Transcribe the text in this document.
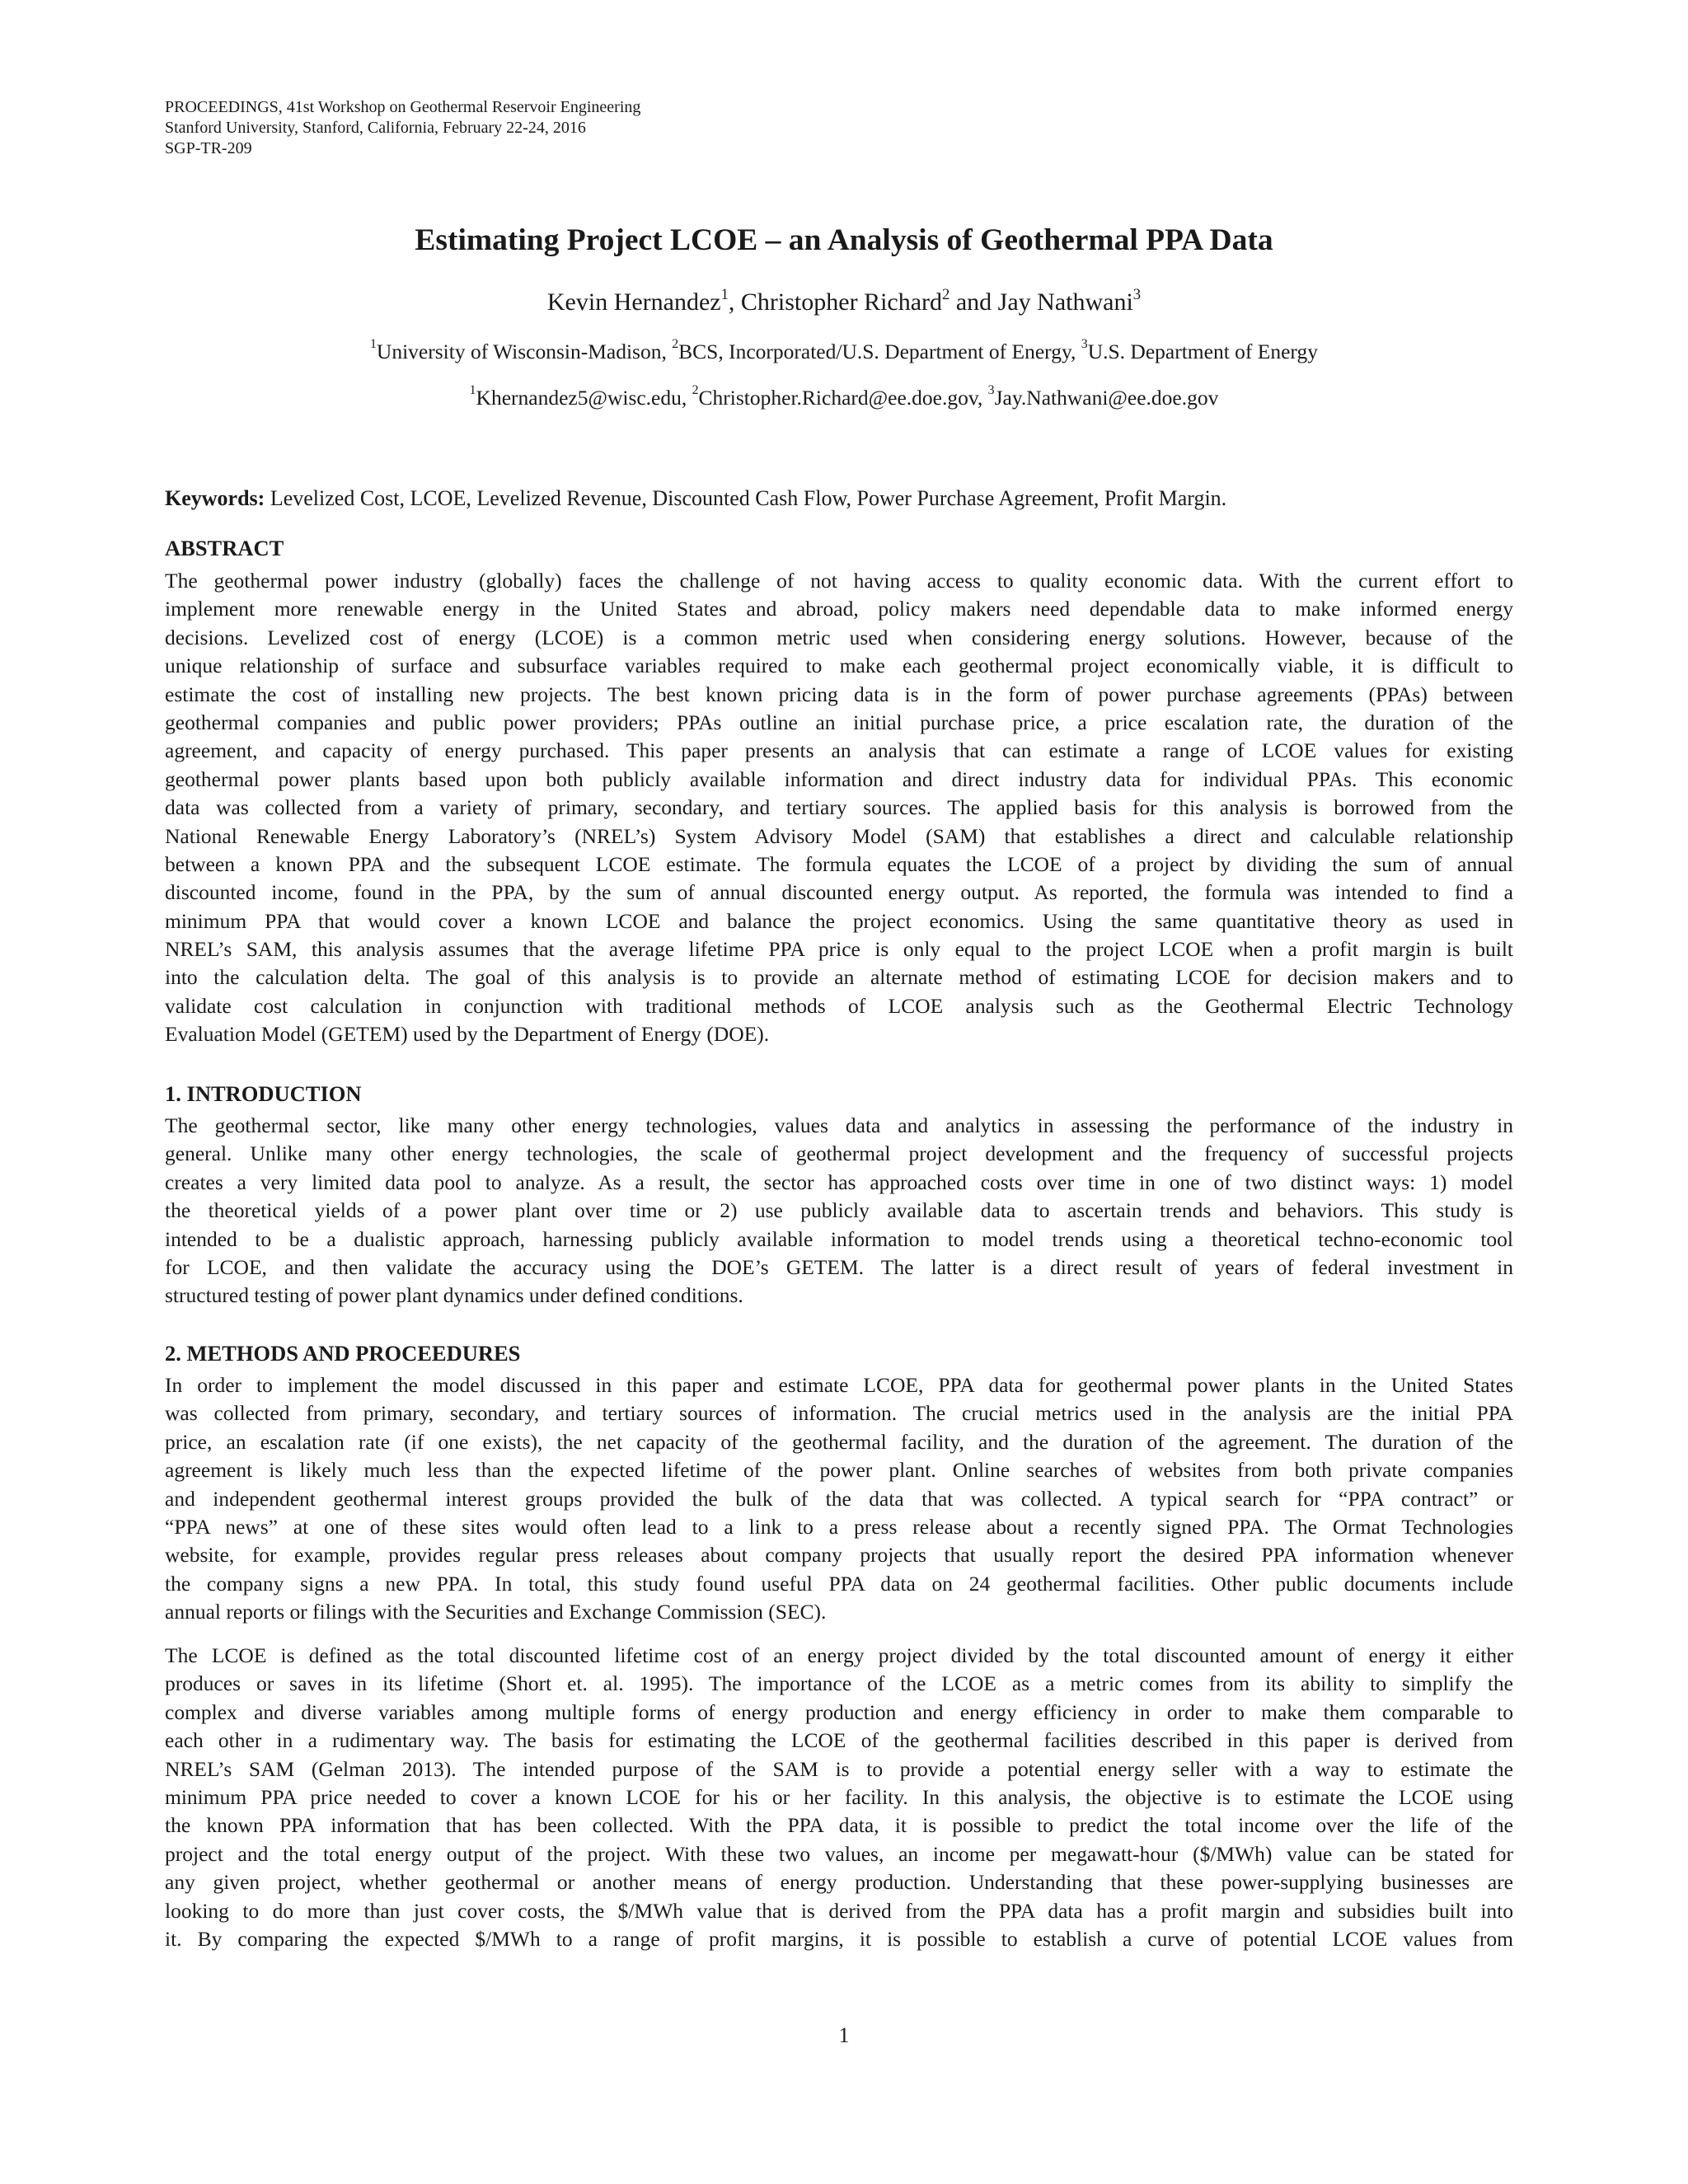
PROCEEDINGS, 41st Workshop on Geothermal Reservoir Engineering
Stanford University, Stanford, California, February 22-24, 2016
SGP-TR-209
Estimating Project LCOE – an Analysis of Geothermal PPA Data
Kevin Hernandez$^1$, Christopher Richard$^2$ and Jay Nathwani$^3$
$^1$University of Wisconsin-Madison, $^2$BCS, Incorporated/U.S. Department of Energy, $^3$U.S. Department of Energy
$^1$Khernandez5@wisc.edu, $^2$Christopher.Richard@ee.doe.gov, $^3$Jay.Nathwani@ee.doe.gov
Keywords: Levelized Cost, LCOE, Levelized Revenue, Discounted Cash Flow, Power Purchase Agreement, Profit Margin.
ABSTRACT
The geothermal power industry (globally) faces the challenge of not having access to quality economic data. With the current effort to
implement more renewable energy in the United States and abroad, policy makers need dependable data to make informed energy
decisions. Levelized cost of energy (LCOE) is a common metric used when considering energy solutions. However, because of the
unique relationship of surface and subsurface variables required to make each geothermal project economically viable, it is difficult to
estimate the cost of installing new projects. The best known pricing data is in the form of power purchase agreements (PPAs) between
geothermal companies and public power providers; PPAs outline an initial purchase price, a price escalation rate, the duration of the
agreement, and capacity of energy purchased. This paper presents an analysis that can estimate a range of LCOE values for existing
geothermal power plants based upon both publicly available information and direct industry data for individual PPAs. This economic
data was collected from a variety of primary, secondary, and tertiary sources. The applied basis for this analysis is borrowed from the
National Renewable Energy Laboratory’s (NREL’s) System Advisory Model (SAM) that establishes a direct and calculable relationship
between a known PPA and the subsequent LCOE estimate. The formula equates the LCOE of a project by dividing the sum of annual
discounted income, found in the PPA, by the sum of annual discounted energy output. As reported, the formula was intended to find a
minimum PPA that would cover a known LCOE and balance the project economics. Using the same quantitative theory as used in
NREL’s SAM, this analysis assumes that the average lifetime PPA price is only equal to the project LCOE when a profit margin is built
into the calculation delta. The goal of this analysis is to provide an alternate method of estimating LCOE for decision makers and to
validate cost calculation in conjunction with traditional methods of LCOE analysis such as the Geothermal Electric Technology
Evaluation Model (GETEM) used by the Department of Energy (DOE).
1. INTRODUCTION
The geothermal sector, like many other energy technologies, values data and analytics in assessing the performance of the industry in
general. Unlike many other energy technologies, the scale of geothermal project development and the frequency of successful projects
creates a very limited data pool to analyze. As a result, the sector has approached costs over time in one of two distinct ways: 1) model
the theoretical yields of a power plant over time or 2) use publicly available data to ascertain trends and behaviors. This study is
intended to be a dualistic approach, harnessing publicly available information to model trends using a theoretical techno-economic tool
for LCOE, and then validate the accuracy using the DOE’s GETEM. The latter is a direct result of years of federal investment in
structured testing of power plant dynamics under defined conditions.
2. METHODS AND PROCEEDURES
In order to implement the model discussed in this paper and estimate LCOE, PPA data for geothermal power plants in the United States
was collected from primary, secondary, and tertiary sources of information. The crucial metrics used in the analysis are the initial PPA
price, an escalation rate (if one exists), the net capacity of the geothermal facility, and the duration of the agreement. The duration of the
agreement is likely much less than the expected lifetime of the power plant. Online searches of websites from both private companies
and independent geothermal interest groups provided the bulk of the data that was collected. A typical search for “PPA contract” or
“PPA news” at one of these sites would often lead to a link to a press release about a recently signed PPA. The Ormat Technologies
website, for example, provides regular press releases about company projects that usually report the desired PPA information whenever
the company signs a new PPA. In total, this study found useful PPA data on 24 geothermal facilities. Other public documents include
annual reports or filings with the Securities and Exchange Commission (SEC).
The LCOE is defined as the total discounted lifetime cost of an energy project divided by the total discounted amount of energy it either
produces or saves in its lifetime (Short et. al. 1995). The importance of the LCOE as a metric comes from its ability to simplify the
complex and diverse variables among multiple forms of energy production and energy efficiency in order to make them comparable to
each other in a rudimentary way. The basis for estimating the LCOE of the geothermal facilities described in this paper is derived from
NREL’s SAM (Gelman 2013). The intended purpose of the SAM is to provide a potential energy seller with a way to estimate the
minimum PPA price needed to cover a known LCOE for his or her facility. In this analysis, the objective is to estimate the LCOE using
the known PPA information that has been collected. With the PPA data, it is possible to predict the total income over the life of the
project and the total energy output of the project. With these two values, an income per megawatt-hour ($/MWh) value can be stated for
any given project, whether geothermal or another means of energy production. Understanding that these power-supplying businesses are
looking to do more than just cover costs, the $/MWh value that is derived from the PPA data has a profit margin and subsidies built into
it. By comparing the expected $/MWh to a range of profit margins, it is possible to establish a curve of potential LCOE values from
1
